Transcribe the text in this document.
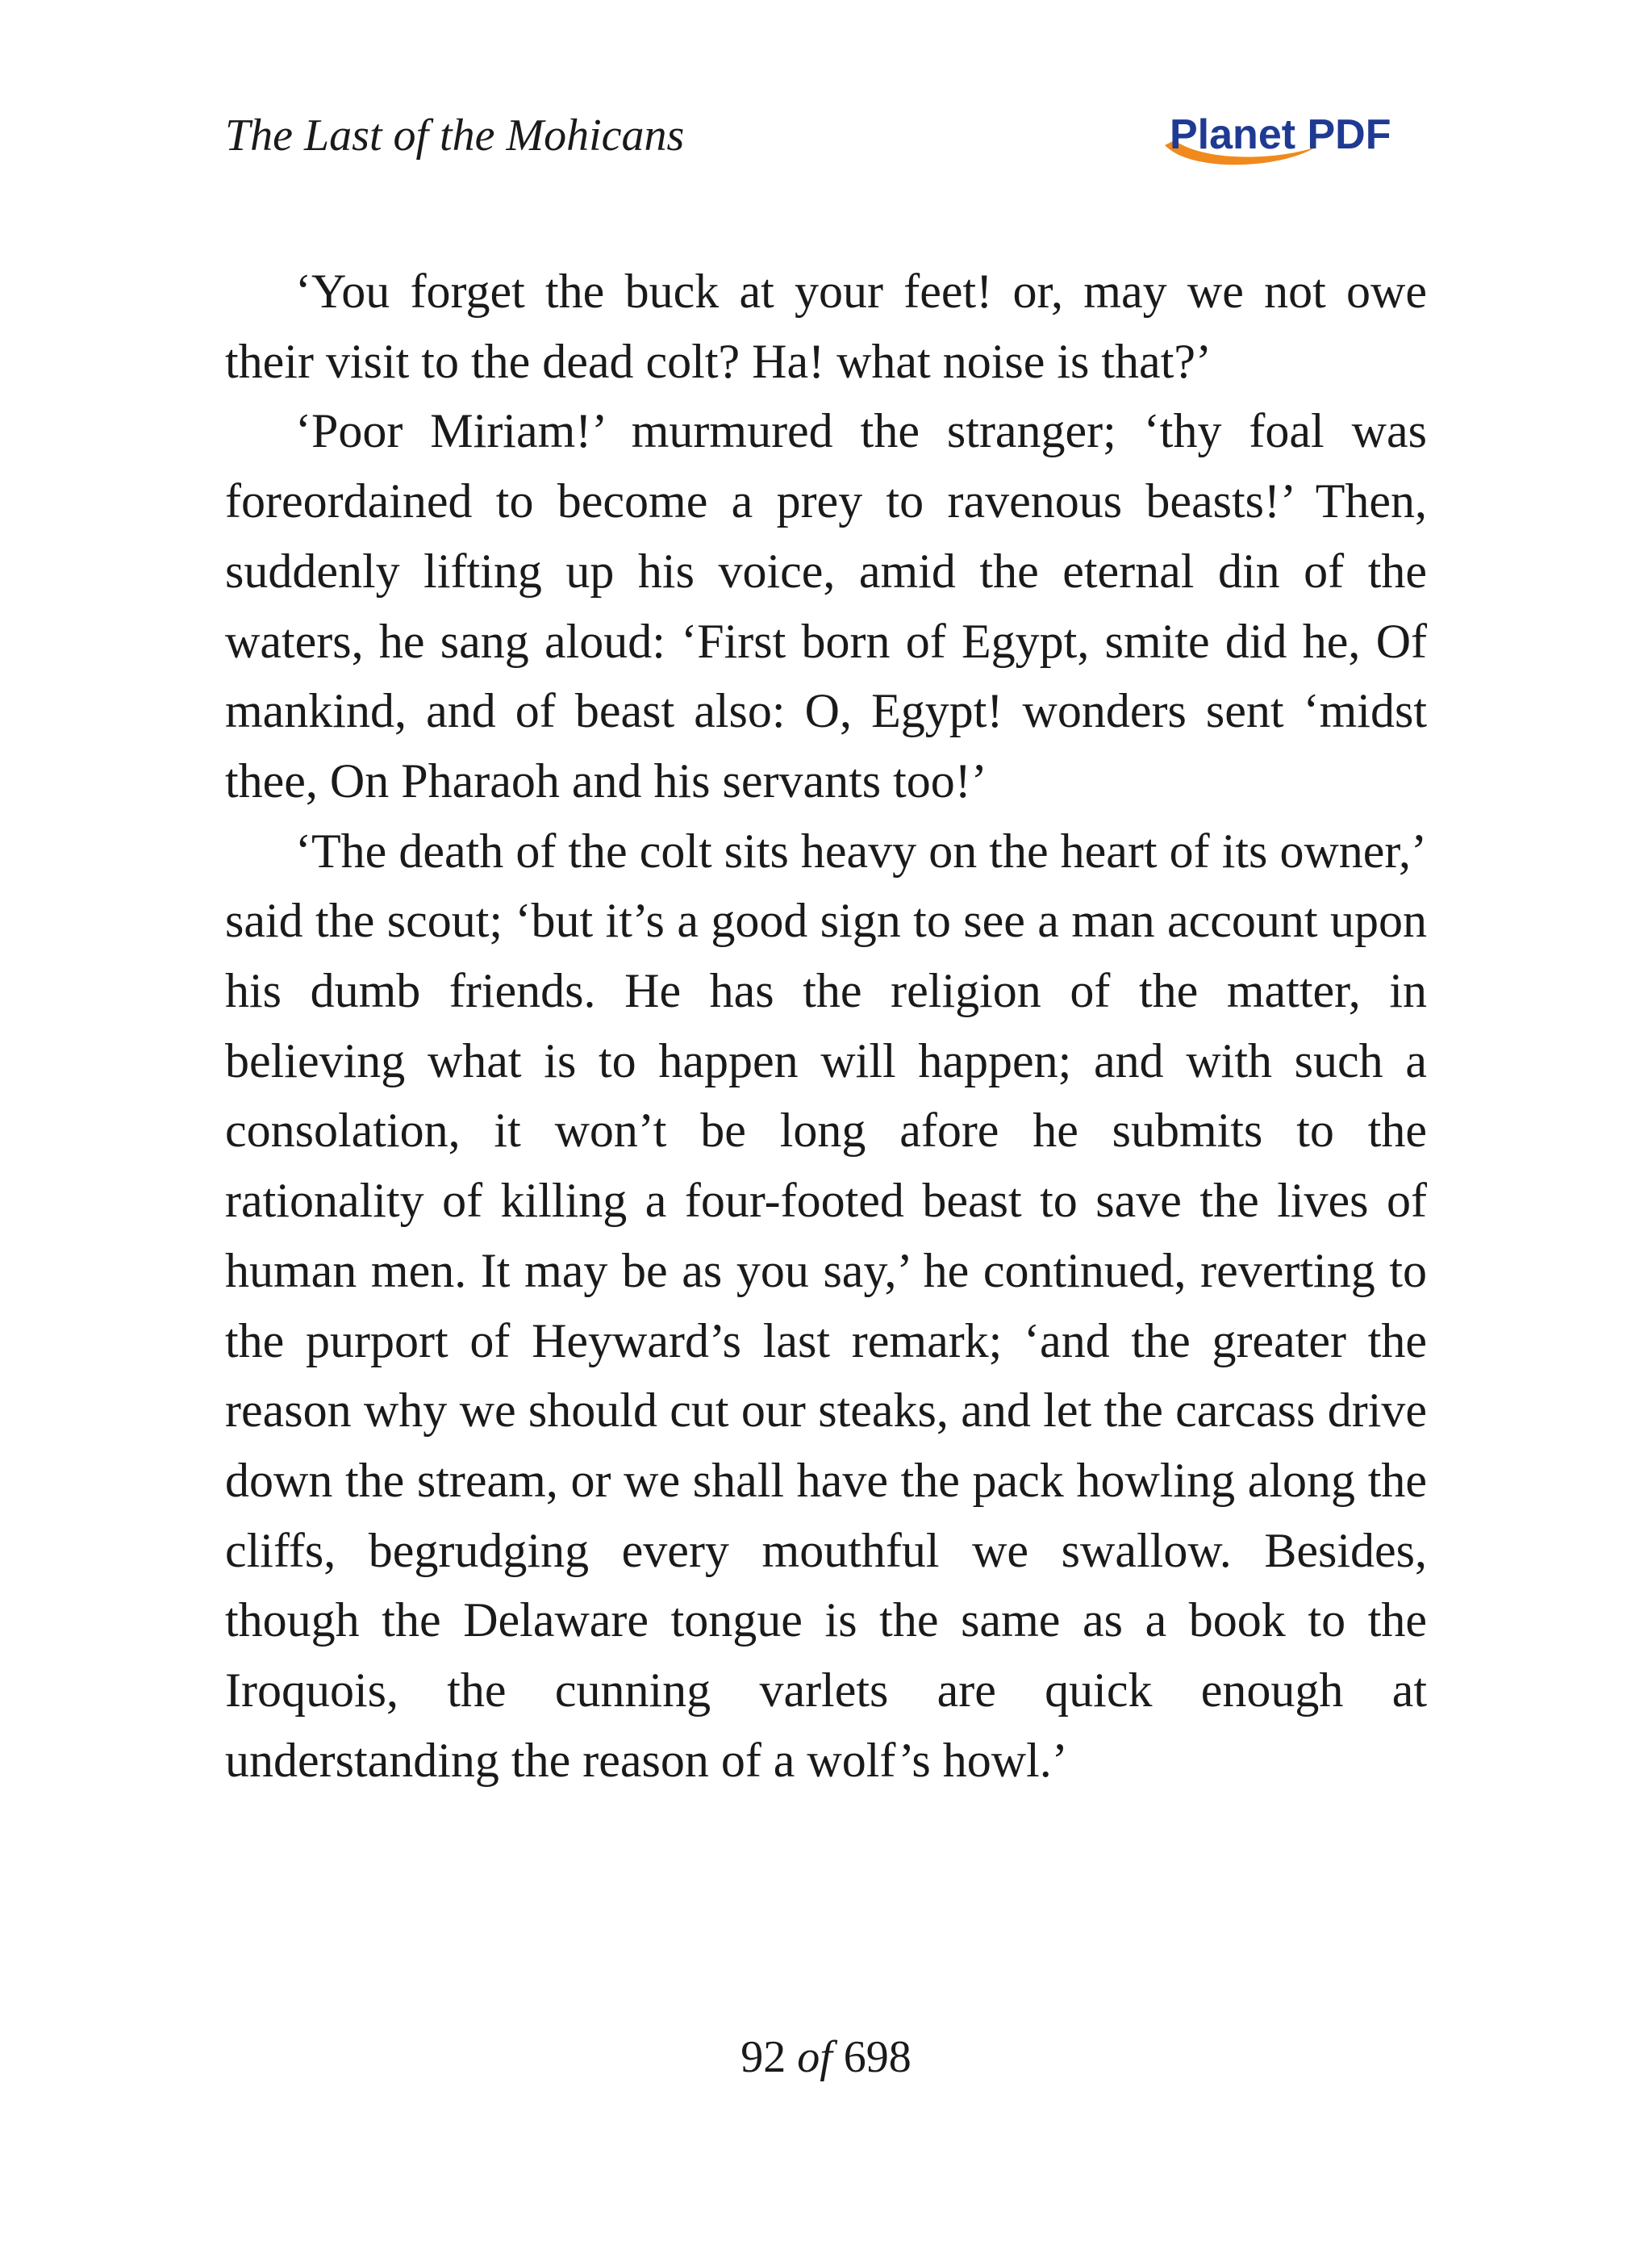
The Last of the Mohicans	Planet PDF

‘You forget the buck at your feet! or, may we not owe their visit to the dead colt? Ha! what noise is that?’

‘Poor Miriam!’ murmured the stranger; ‘thy foal was foreordained to become a prey to ravenous beasts!’ Then, suddenly lifting up his voice, amid the eternal din of the waters, he sang aloud: ‘First born of Egypt, smite did he, Of mankind, and of beast also: O, Egypt! wonders sent ‘midst thee, On Pharaoh and his servants too!’

‘The death of the colt sits heavy on the heart of its owner,’ said the scout; ‘but it’s a good sign to see a man account upon his dumb friends. He has the religion of the matter, in believing what is to happen will happen; and with such a consolation, it won’t be long afore he submits to the rationality of killing a four-footed beast to save the lives of human men. It may be as you say,’ he continued, reverting to the purport of Heyward’s last remark; ‘and the greater the reason why we should cut our steaks, and let the carcass drive down the stream, or we shall have the pack howling along the cliffs, begrudging every mouthful we swallow. Besides, though the Delaware tongue is the same as a book to the Iroquois, the cunning varlets are quick enough at understanding the reason of a wolf’s howl.’

92 of 698
